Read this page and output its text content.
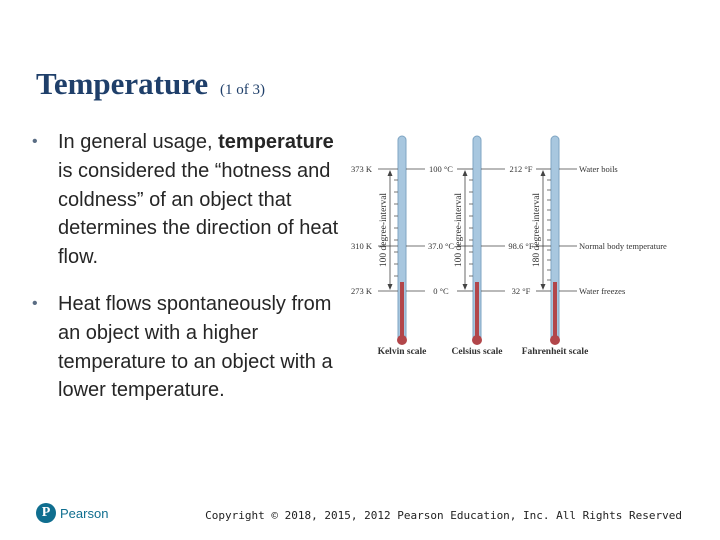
Temperature (1 of 3)
• In general usage, temperature is considered the “hotness and coldness” of an object that determines the direction of heat flow.
• Heat flows spontaneously from an object with a higher temperature to an object with a lower temperature.
100 degree-interval	100 degree-interval	180 degree-interval
373 K
310 K
273 K
100 °C
37.0 °C
0 °C
212 °F
98.6 °F
32 °F
Water boils
Normal body temperature
Water freezes
Kelvin scale	Celsius scale Fahrenheit scale
P Pearson	Copyright © 2018, 2015, 2012 Pearson Education, Inc. All Rights Reserved
